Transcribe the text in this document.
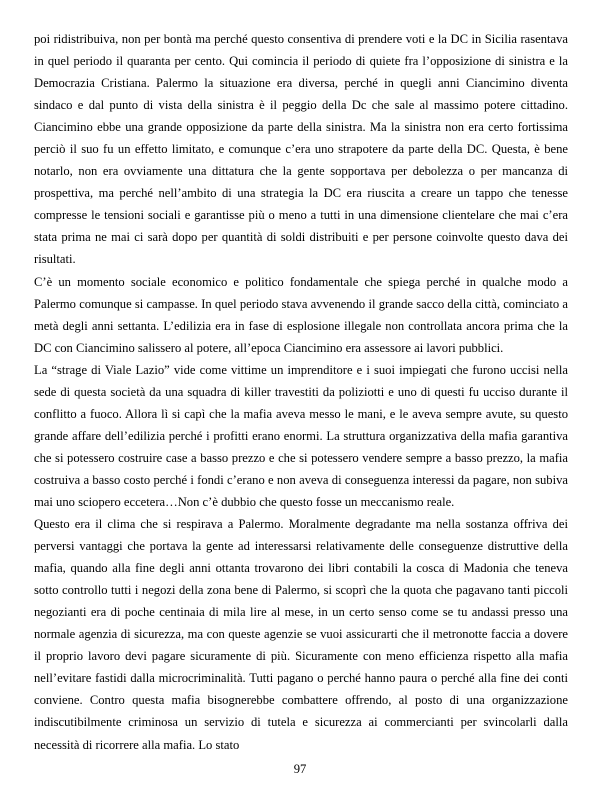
poi ridistribuiva, non per bontà ma perché questo consentiva di prendere voti e la DC in Sicilia rasentava in quel periodo il quaranta per cento. Qui comincia il periodo di quiete fra l’opposizione di sinistra e la Democrazia Cristiana. Palermo la situazione era diversa, perché in quegli anni Ciancimino diventa sindaco e dal punto di vista della sinistra è il peggio della Dc che sale al massimo potere cittadino. Ciancimino ebbe una grande opposizione da parte della sinistra. Ma la sinistra non era certo fortissima perciò il suo fu un effetto limitato, e comunque c’era uno strapotere da parte della DC. Questa, è bene notarlo, non era ovviamente una dittatura che la gente sopportava per debolezza o per mancanza di prospettiva, ma perché nell’ambito di una strategia la DC era riuscita a creare un tappo che tenesse compresse le tensioni sociali e garantisse più o meno a tutti in una dimensione clientelare che mai c’era stata prima ne mai ci sarà dopo per quantità di soldi distribuiti e per persone coinvolte questo dava dei risultati.

C’è un momento sociale economico e politico fondamentale che spiega perché in qualche modo a Palermo comunque si campasse. In quel periodo stava avvenendo il grande sacco della città, cominciato a metà degli anni settanta. L’edilizia era in fase di esplosione illegale non controllata ancora prima che la DC con Ciancimino salissero al potere, all’epoca Ciancimino era assessore ai lavori pubblici.

La “strage di Viale Lazio” vide come vittime un imprenditore e i suoi impiegati che furono uccisi nella sede di questa società da una squadra di killer travestiti da poliziotti e uno di questi fu ucciso durante il conflitto a fuoco. Allora lì si capì che la mafia aveva messo le mani, e le aveva sempre avute, su questo grande affare dell’edilizia perché i profitti erano enormi. La struttura organizzativa della mafia garantiva che si potessero costruire case a basso prezzo e che si potessero vendere sempre a basso prezzo, la mafia costruiva a basso costo perché i fondi c’erano e non aveva di conseguenza interessi da pagare, non subiva mai uno sciopero eccetera…Non c’è dubbio che questo fosse un meccanismo reale.

Questo era il clima che si respirava a Palermo. Moralmente degradante ma nella sostanza offriva dei perversi vantaggi che portava la gente ad interessarsi relativamente delle conseguenze distruttive della mafia, quando alla fine degli anni ottanta trovarono dei libri contabili la cosca di Madonia che teneva sotto controllo tutti i negozi della zona bene di Palermo, si scoprì che la quota che pagavano tanti piccoli negozianti era di poche centinaia di mila lire al mese, in un certo senso come se tu andassi presso una normale agenzia di sicurezza, ma con queste agenzie se vuoi assicurarti che il metronotte faccia a dovere il proprio lavoro devi pagare sicuramente di più. Sicuramente con meno efficienza rispetto alla mafia nell’evitare fastidi dalla microcriminalità. Tutti pagano o perché hanno paura o perché alla fine dei conti conviene. Contro questa mafia bisognerebbe combattere offrendo, al posto di una organizzazione indiscutibilmente criminosa un servizio di tutela e sicurezza ai commercianti per svincolarli dalla necessità di ricorrere alla mafia. Lo stato

97
